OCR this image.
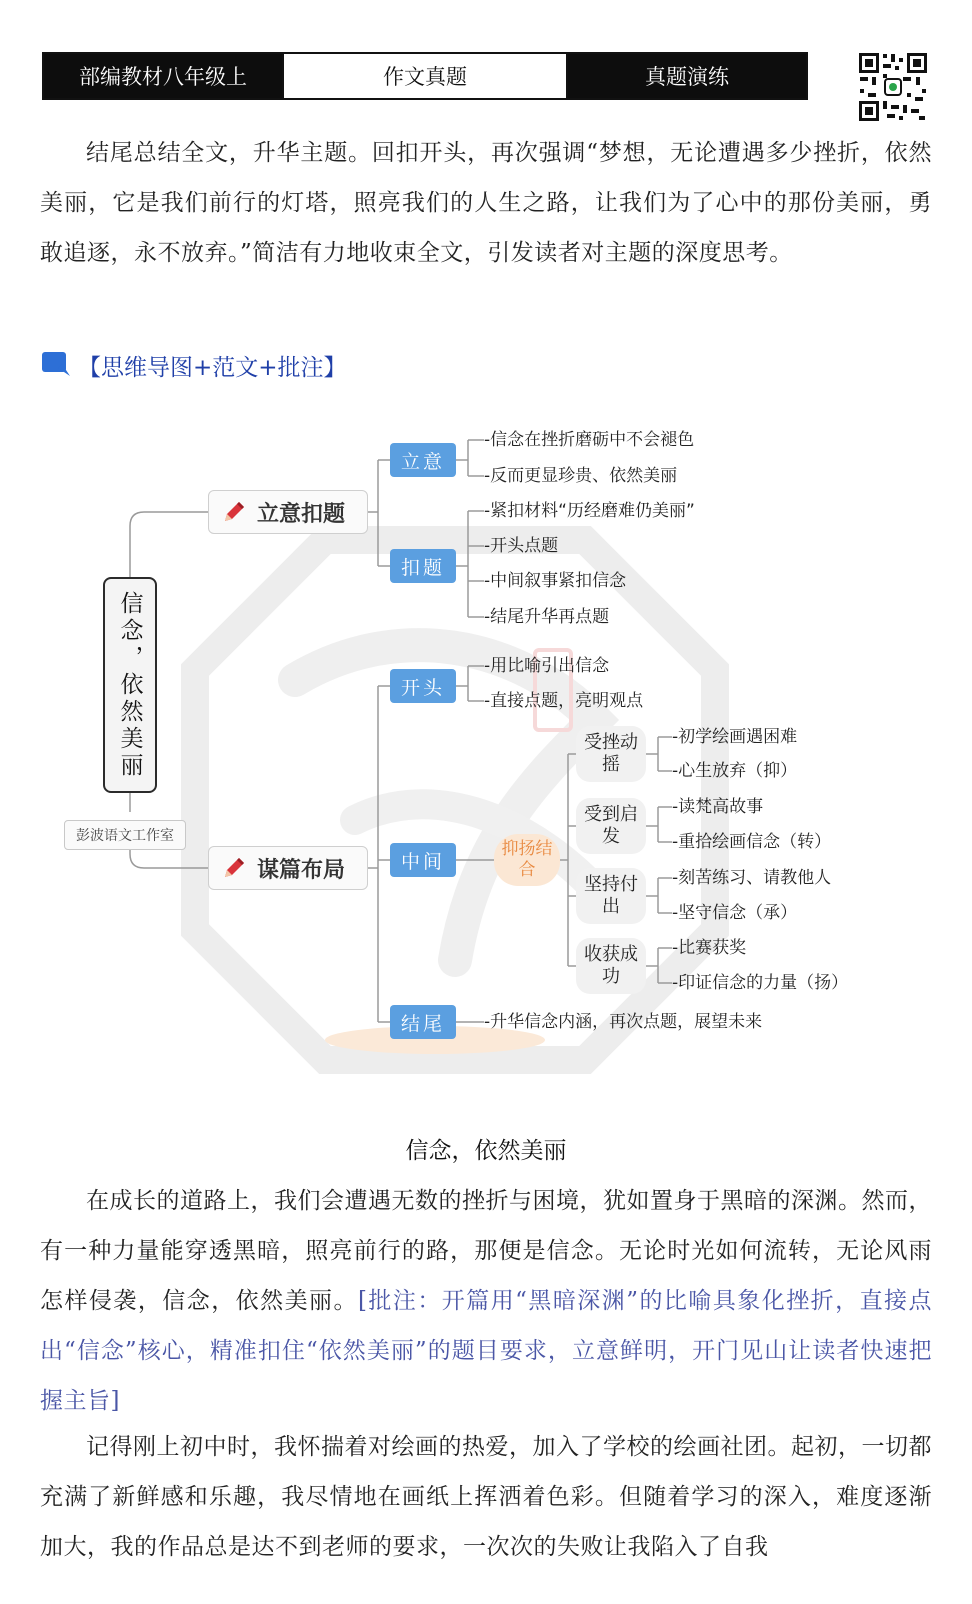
部编教材八年级上	作文真题	真题演练

结尾总结全文，升华主题。回扣开头，再次强调“梦想，无论遭遇多少挫折，依然美丽，它是我们前行的灯塔，照亮我们的人生之路，让我们为了心中的那份美丽，勇敢追逐，永不放弃。”简洁有力地收束全文，引发读者对主题的深度思考。

【思维导图+范文+批注】
信念，依然美丽
彭波语文工作室
立意扣题
立意
扣题
-信念在挫折磨砺中不会褪色
-反而更显珍贵、依然美丽
-紧扣材料“历经磨难仍美丽”
-开头点题
-中间叙事紧扣信念
-结尾升华再点题
谋篇布局
开头
中间
结尾
-用比喻引出信念
-直接点题，亮明观点
抑扬结合
受挫动摇
受到启发
坚持付出
收获成功
-初学绘画遇困难
-心生放弃（抑）
-读梵高故事
-重拾绘画信念（转）
-刻苦练习、请教他人
-坚守信念（承）
-比赛获奖
-印证信念的力量（扬）
-升华信念内涵，再次点题，展望未来
信念，依然美丽

在成长的道路上，我们会遭遇无数的挫折与困境，犹如置身于黑暗的深渊。然而，有一种力量能穿透黑暗，照亮前行的路，那便是信念。无论时光如何流转，无论风雨怎样侵袭，信念，依然美丽。[批注：开篇用“黑暗深渊”的比喻具象化挫折，直接点出“信念”核心，精准扣住“依然美丽”的题目要求，立意鲜明，开门见山让读者快速把握主旨]

记得刚上初中时，我怀揣着对绘画的热爱，加入了学校的绘画社团。起初，一切都充满了新鲜感和乐趣，我尽情地在画纸上挥洒着色彩。但随着学习的深入，难度逐渐加大，我的作品总是达不到老师的要求，一次次的失败让我陷入了自我
